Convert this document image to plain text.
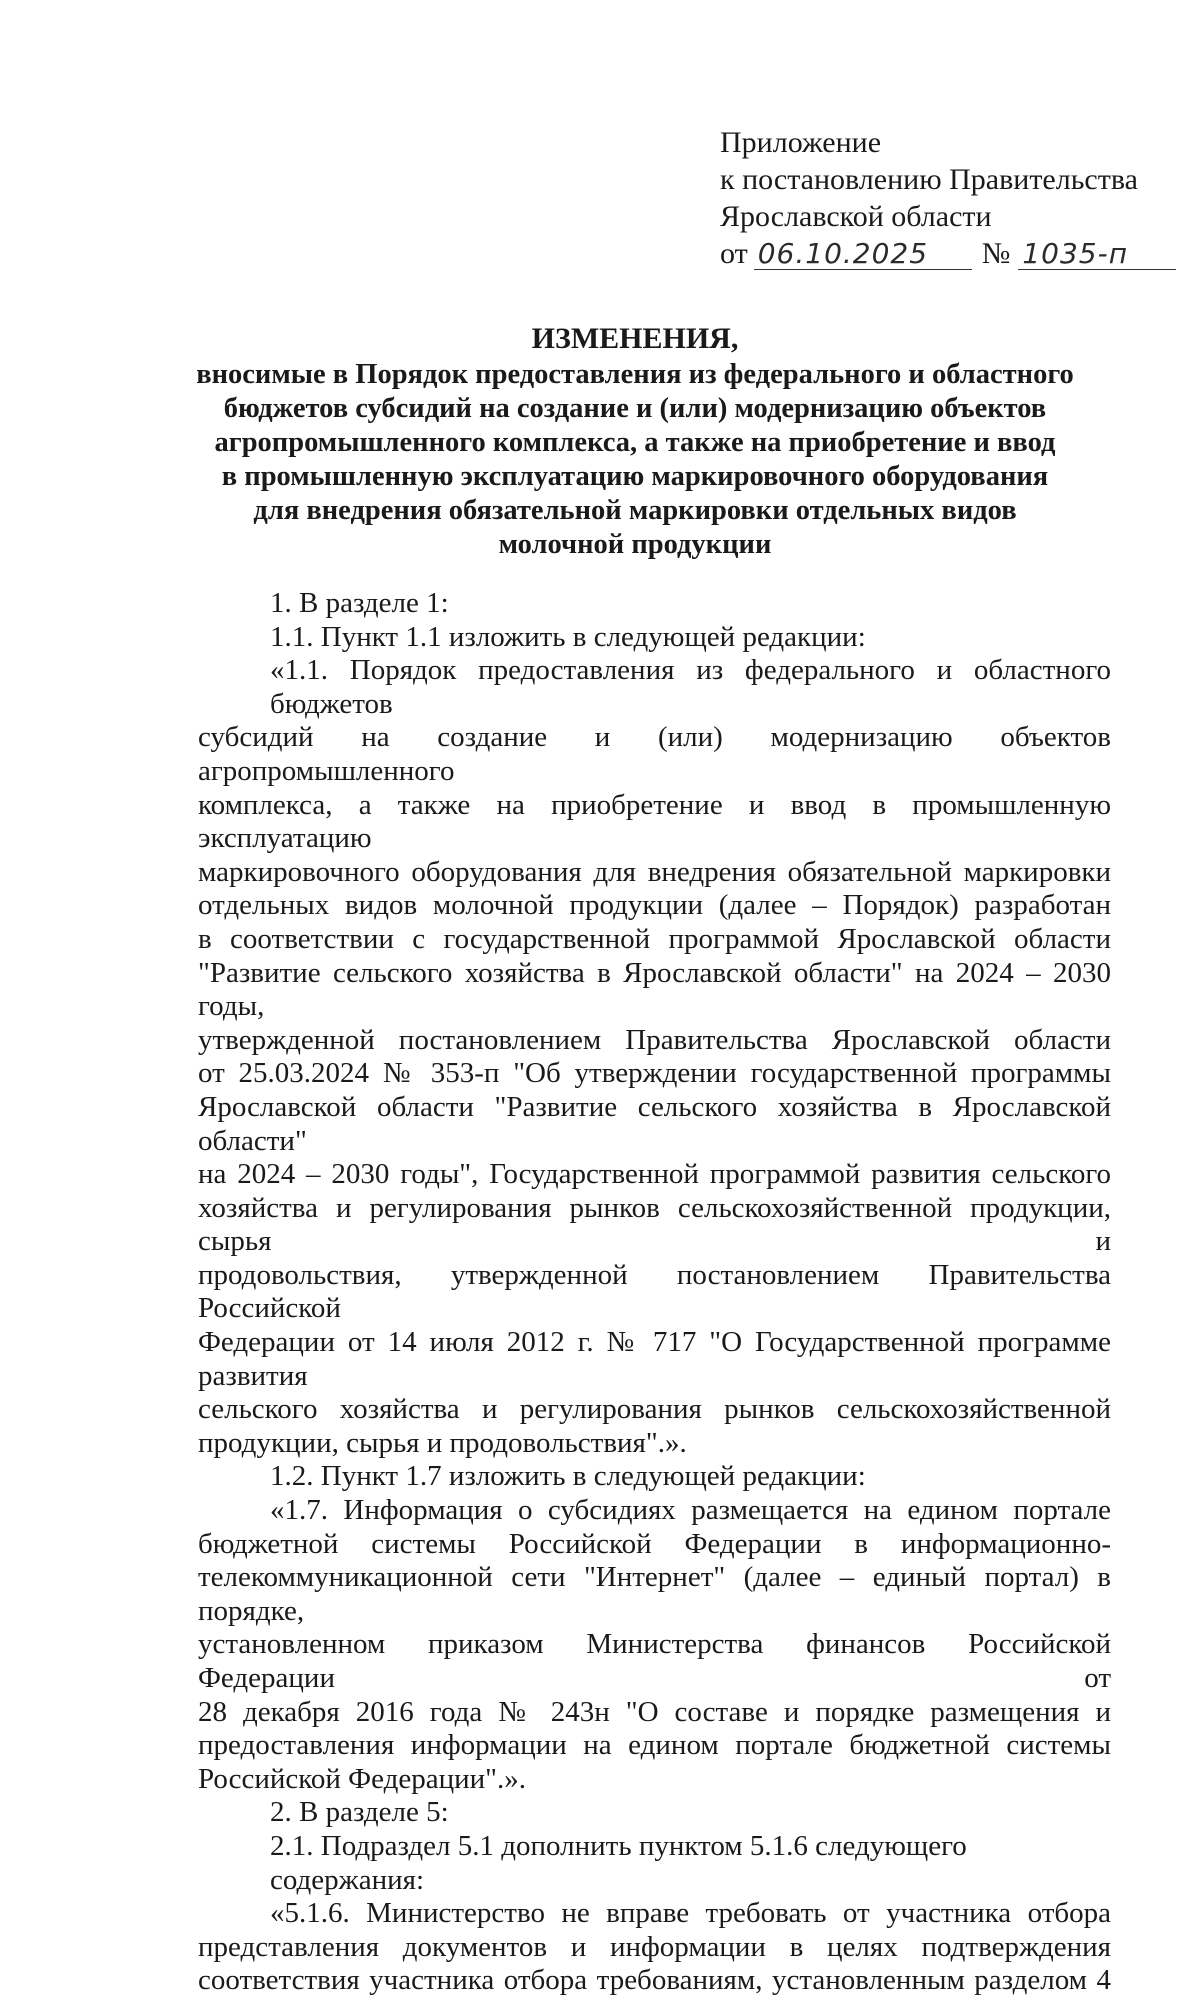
Приложение
к постановлению Правительства
Ярославской области
от 06.10.2025	№ 1035-п
ИЗМЕНЕНИЯ,
вносимые в Порядок предоставления из федерального и областного
бюджетов субсидий на создание и (или) модернизацию объектов
агропромышленного комплекса, а также на приобретение и ввод
в промышленную эксплуатацию маркировочного оборудования
для внедрения обязательной маркировки отдельных видов
молочной продукции
1. В разделе 1:
1.1. Пункт 1.1 изложить в следующей редакции:
«1.1. Порядок предоставления из федерального и областного бюджетов
субсидий на создание и (или) модернизацию объектов агропромышленного
комплекса, а также на приобретение и ввод в промышленную эксплуатацию
маркировочного оборудования для внедрения обязательной маркировки
отдельных видов молочной продукции (далее – Порядок) разработан
в соответствии с государственной программой Ярославской области
"Развитие сельского хозяйства в Ярославской области" на 2024 – 2030 годы,
утвержденной постановлением Правительства Ярославской области
от 25.03.2024 № 353-п "Об утверждении государственной программы
Ярославской области "Развитие сельского хозяйства в Ярославской области"
на 2024 – 2030 годы", Государственной программой развития сельского
хозяйства и регулирования рынков сельскохозяйственной продукции, сырья и
продовольствия, утвержденной постановлением Правительства Российской
Федерации от 14 июля 2012 г. № 717 "О Государственной программе развития
сельского хозяйства и регулирования рынков сельскохозяйственной
продукции, сырья и продовольствия".».
1.2. Пункт 1.7 изложить в следующей редакции:
«1.7. Информация о субсидиях размещается на едином портале
бюджетной системы Российской Федерации в информационно-
телекоммуникационной сети "Интернет" (далее – единый портал) в порядке,
установленном приказом Министерства финансов Российской Федерации от
28 декабря 2016 года № 243н "О составе и порядке размещения и
предоставления информации на едином портале бюджетной системы
Российской Федерации".».
2. В разделе 5:
2.1. Подраздел 5.1 дополнить пунктом 5.1.6 следующего содержания:
«5.1.6. Министерство не вправе требовать от участника отбора
представления документов и информации в целях подтверждения
соответствия участника отбора требованиям, установленным разделом 4
